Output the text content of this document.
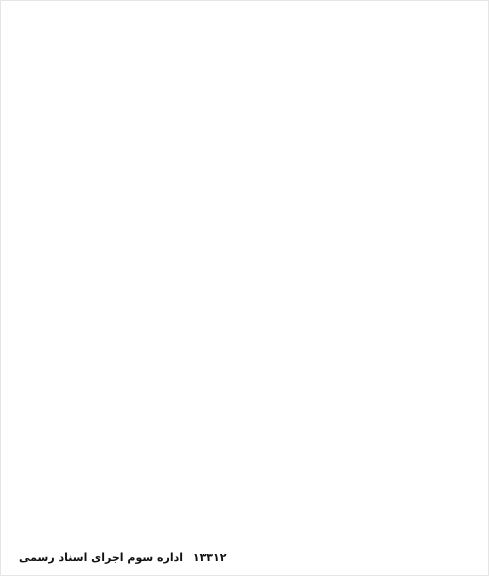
۱۳۳۱۲ اداره سوم اجرای اسناد رسمی
